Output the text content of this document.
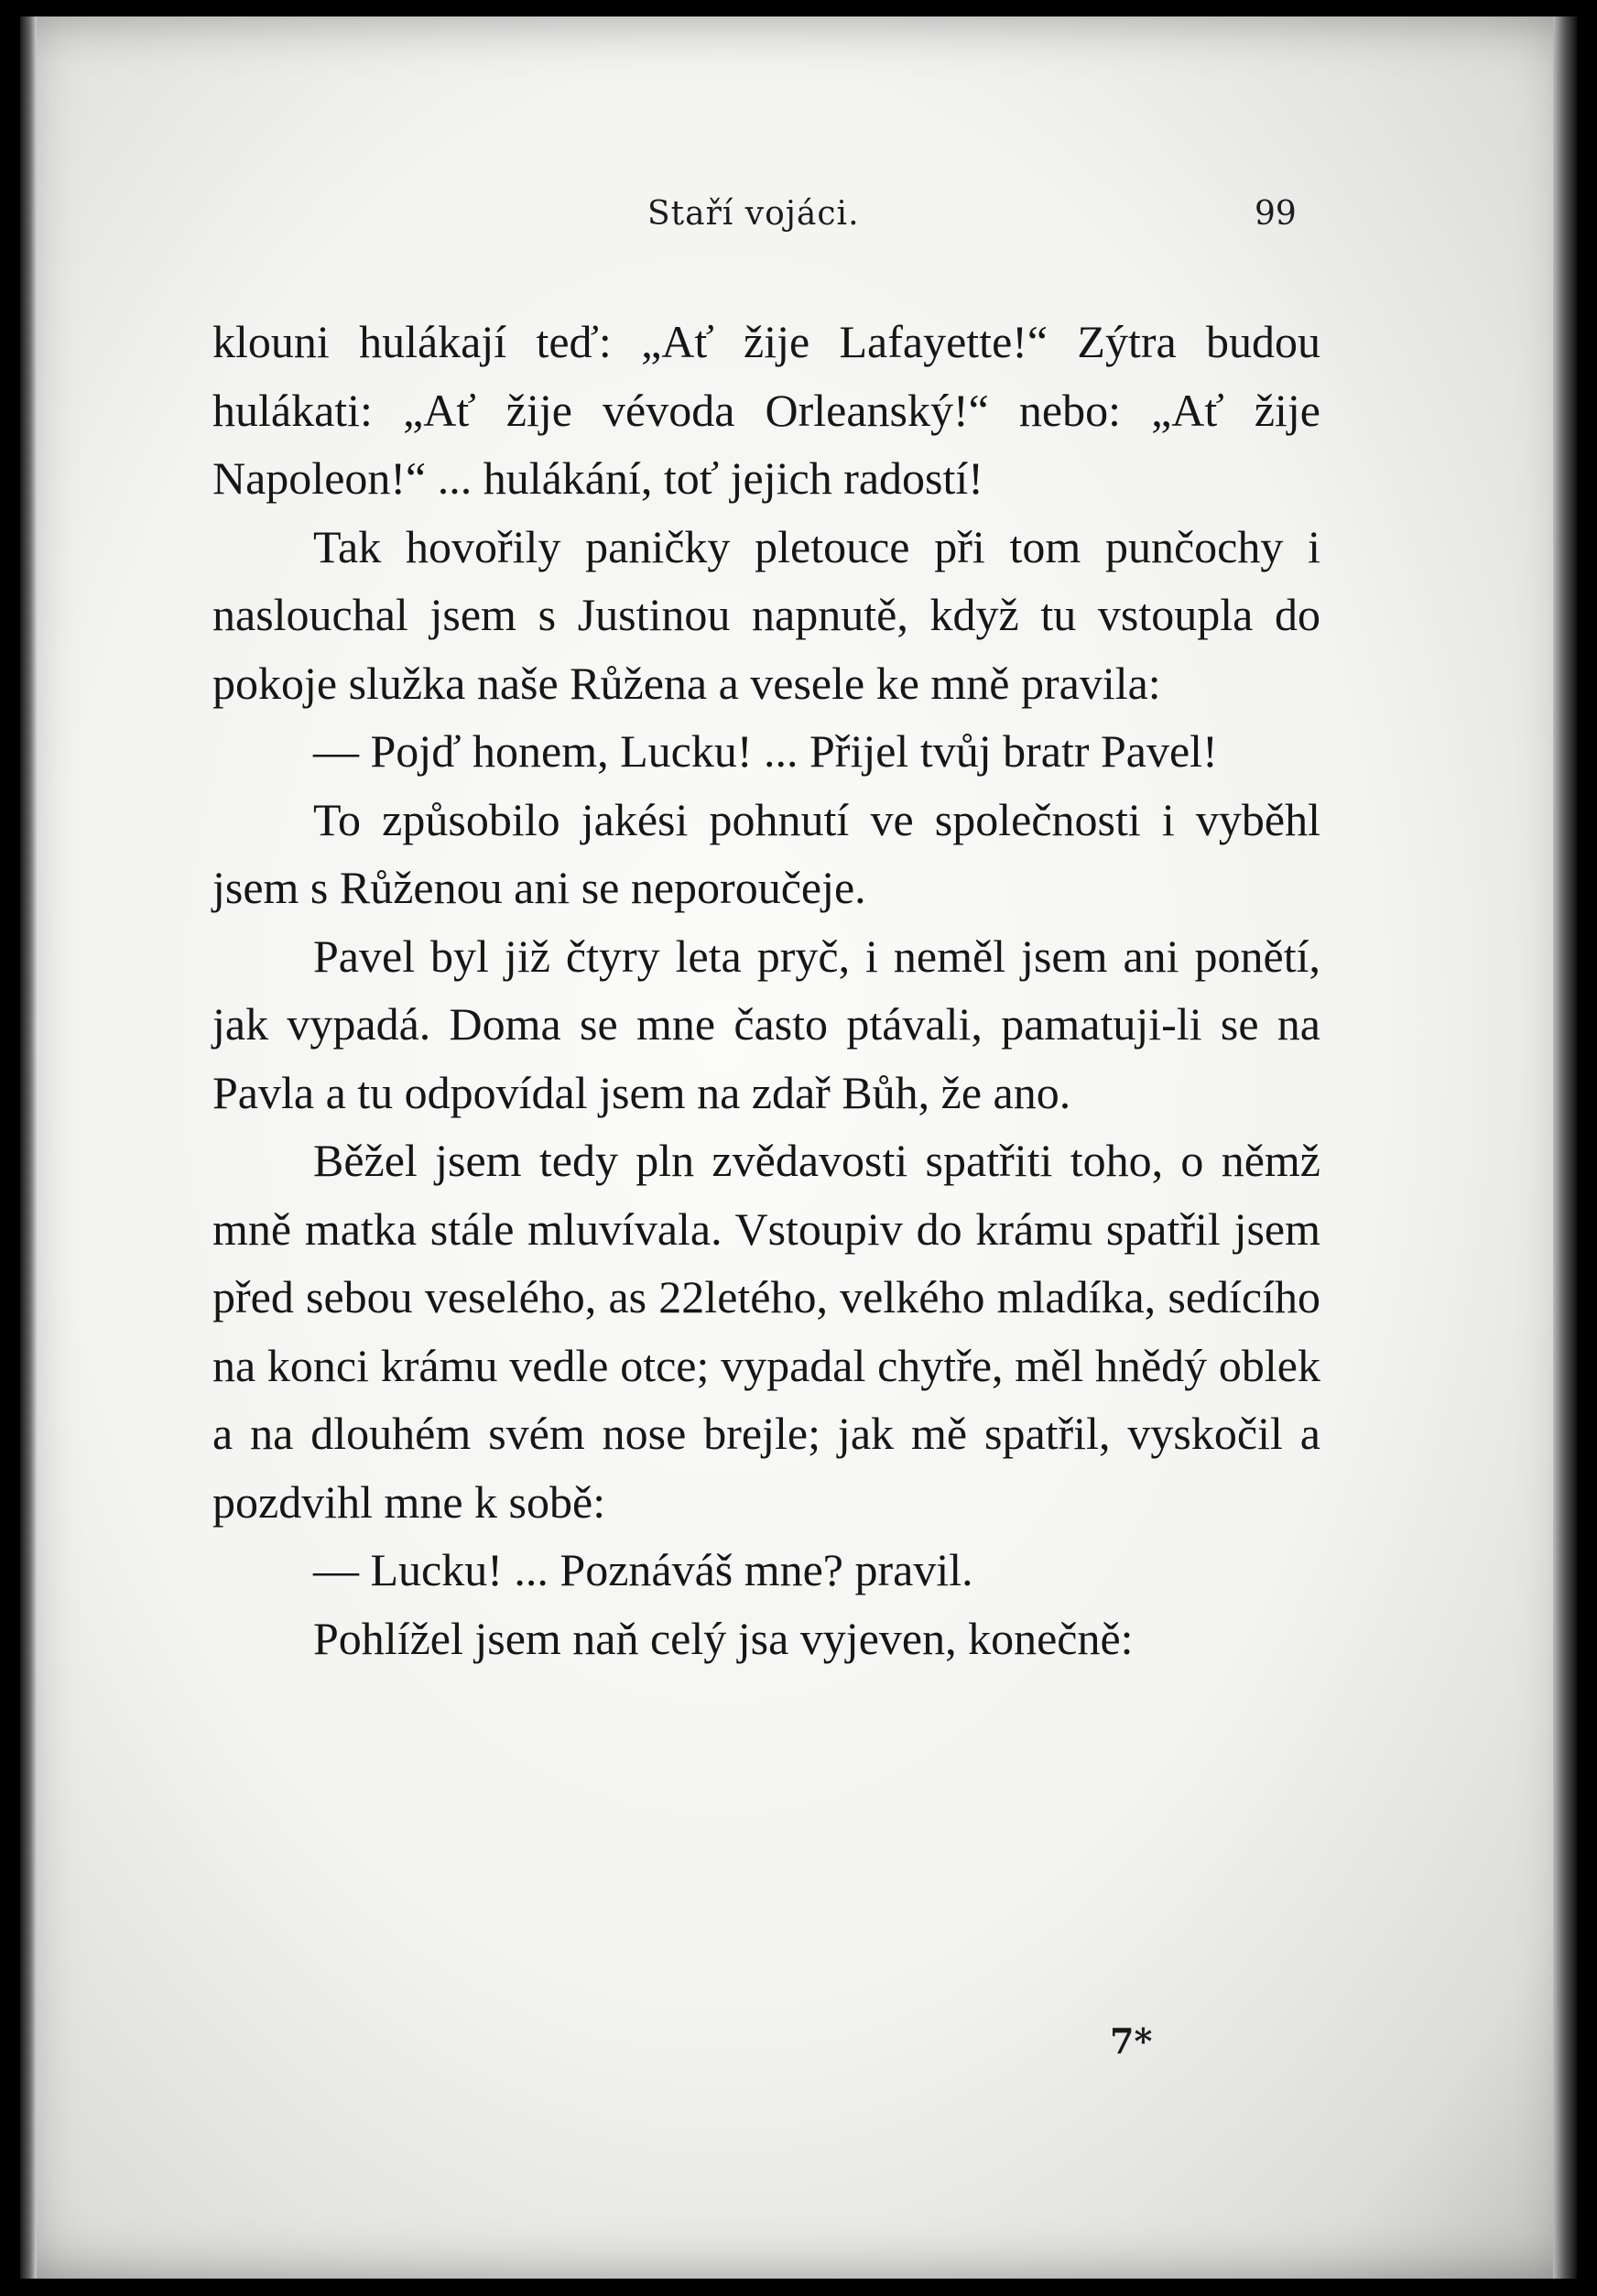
Staří vojáci.	99

klouni hulákají teď: „Ať žije Lafayette!“ Zýtra budou hulákati: „Ať žije vévoda Orleanský!“ nebo: „Ať žije Napoleon!“ ... hulákání, toť jejich radostí!

Tak hovořily paničky pletouce při tom punčochy i naslouchal jsem s Justinou napnutě, když tu vstoupla do pokoje služka naše Růžena a vesele ke mně pravila:

— Pojď honem, Lucku! ... Přijel tvůj bratr Pavel!

To způsobilo jakési pohnutí ve společnosti i vyběhl jsem s Růženou ani se neporoučeje.

Pavel byl již čtyry leta pryč, i neměl jsem ani ponětí, jak vypadá. Doma se mne často ptávali, pamatuji-li se na Pavla a tu odpovídal jsem na zdař Bůh, že ano.

Běžel jsem tedy pln zvědavosti spatřiti toho, o němž mně matka stále mluvívala. Vstoupiv do krámu spatřil jsem před sebou veselého, as 22letého, velkého mladíka, sedícího na konci krámu vedle otce; vypadal chytře, měl hnědý oblek a na dlouhém svém nose brejle; jak mě spatřil, vyskočil a pozdvihl mne k sobě:

— Lucku! ... Poznáváš mne? pravil.

Pohlížel jsem naň celý jsa vyjeven, konečně:

7*
